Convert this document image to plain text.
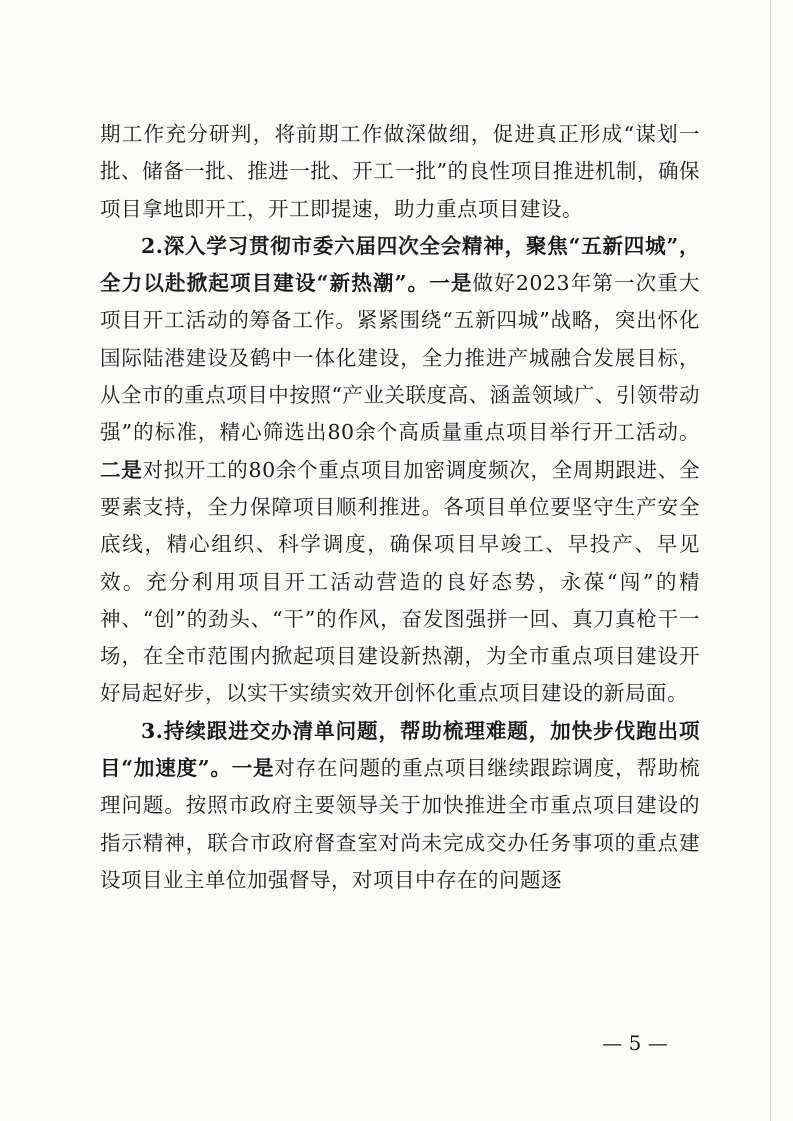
期工作充分研判，将前期工作做深做细，促进真正形成“谋划一批、储备一批、推进一批、开工一批”的良性项目推进机制，确保项目拿地即开工，开工即提速，助力重点项目建设。

2.深入学习贯彻市委六届四次全会精神，聚焦“五新四城”，全力以赴掀起项目建设“新热潮”。一是做好2023年第一次重大项目开工活动的筹备工作。紧紧围绕“五新四城”战略，突出怀化国际陆港建设及鹤中一体化建设，全力推进产城融合发展目标，从全市的重点项目中按照“产业关联度高、涵盖领域广、引领带动强”的标准，精心筛选出80余个高质量重点项目举行开工活动。二是对拟开工的80余个重点项目加密调度频次，全周期跟进、全要素支持，全力保障项目顺利推进。各项目单位要坚守生产安全底线，精心组织、科学调度，确保项目早竣工、早投产、早见效。充分利用项目开工活动营造的良好态势，永葆“闯”的精神、“创”的劲头、“干”的作风，奋发图强拼一回、真刀真枪干一场，在全市范围内掀起项目建设新热潮，为全市重点项目建设开好局起好步，以实干实绩实效开创怀化重点项目建设的新局面。

3.持续跟进交办清单问题，帮助梳理难题，加快步伐跑出项目“加速度”。一是对存在问题的重点项目继续跟踪调度，帮助梳理问题。按照市政府主要领导关于加快推进全市重点项目建设的指示精神，联合市政府督查室对尚未完成交办任务事项的重点建设项目业主单位加强督导，对项目中存在的问题逐

— 5 —
